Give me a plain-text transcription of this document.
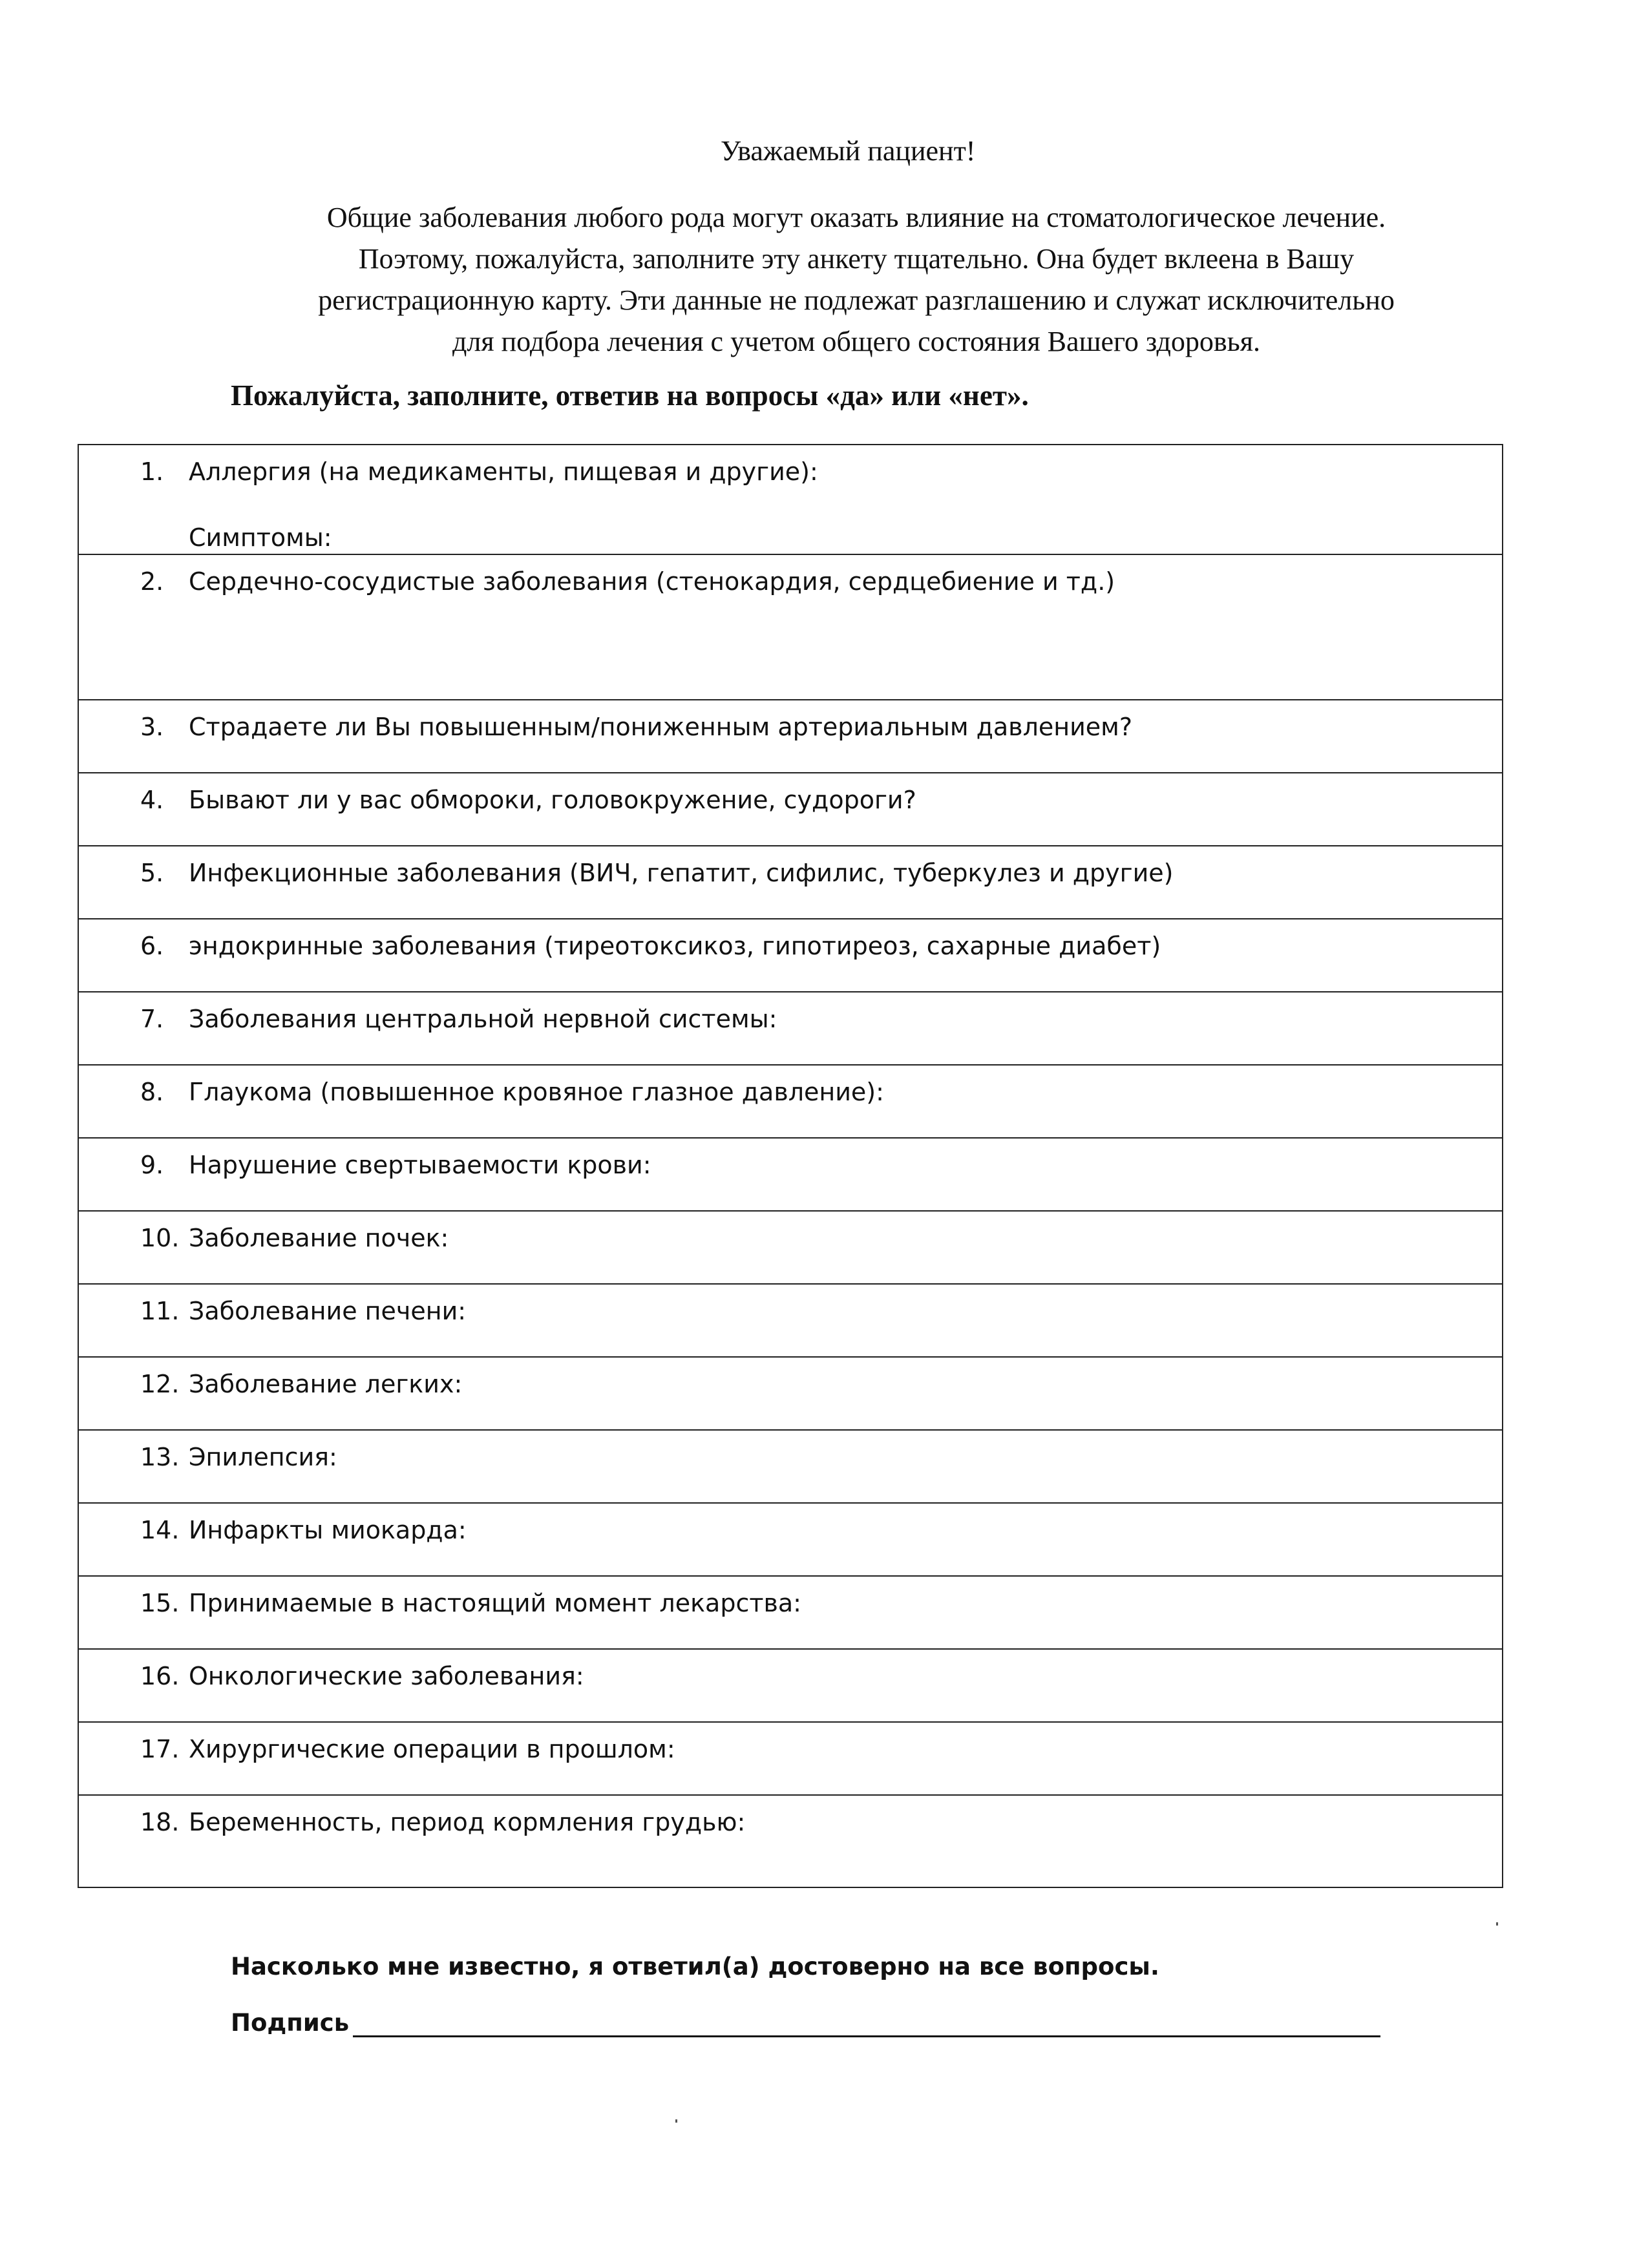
Уважаемый пациент!
Общие заболевания любого рода могут оказать влияние на стоматологическое лечение.
Поэтому, пожалуйста, заполните эту анкету тщательно. Она будет вклеена в Вашу
регистрационную карту. Эти данные не подлежат разглашению и служат исключительно
для подбора лечения с учетом общего состояния Вашего здоровья.
Пожалуйста, заполните, ответив на вопросы «да» или «нет».
1.	Аллергия (на медикаменты, пищевая и другие):
Симптомы:
2.	Сердечно-сосудистые заболевания (стенокардия, сердцебиение и тд.)
3.	Страдаете ли Вы повышенным/пониженным артериальным давлением?
4.	Бывают ли у вас обмороки, головокружение, судороги?
5.	Инфекционные заболевания (ВИЧ, гепатит, сифилис, туберкулез и другие)
6.	эндокринные заболевания (тиреотоксикоз, гипотиреоз, сахарные диабет)
7.	Заболевания центральной нервной системы:
8.	Глаукома (повышенное кровяное глазное давление):
9.	Нарушение свертываемости крови:
10. Заболевание почек:
11. Заболевание печени:
12. Заболевание легких:
13. Эпилепсия:
14. Инфаркты миокарда:
15. Принимаемые в настоящий момент лекарства:
16. Онкологические заболевания:
17. Хирургические операции в прошлом:
18. Беременность, период кормления грудью:
Насколько мне известно, я ответил(а) достоверно на все вопросы.
Подпись
